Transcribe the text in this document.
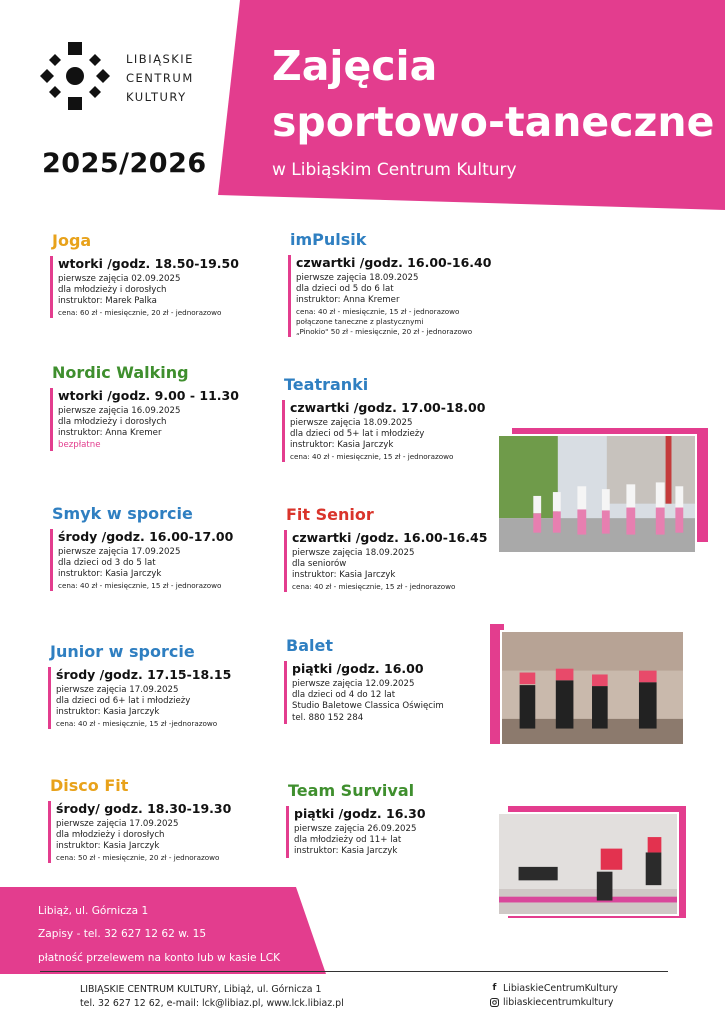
LIBIĄSKIE
CENTRUM
KULTURY
2025/2026
Zajęcia
sportowo-taneczne
w Libiąskim Centrum Kultury
Joga
wtorki /godz. 18.50-19.50
pierwsze zajęcia 02.09.2025
dla młodzieży i dorosłych
instruktor: Marek Palka
cena: 60 zł - miesięcznie, 20 zł - jednorazowo
Nordic Walking
wtorki /godz. 9.00 - 11.30
pierwsze zajęcia 16.09.2025
dla młodzieży i dorosłych
instruktor: Anna Kremer
bezpłatne
Smyk w sporcie
środy /godz. 16.00-17.00
pierwsze zajęcia 17.09.2025
dla dzieci od 3 do 5 lat
instruktor: Kasia Jarczyk
cena: 40 zł - miesięcznie, 15 zł - jednorazowo
Junior w sporcie
środy /godz. 17.15-18.15
pierwsze zajęcia 17.09.2025
dla dzieci od 6+ lat i młodzieży
instruktor: Kasia Jarczyk
cena: 40 zł - miesięcznie, 15 zł -jednorazowo
Disco Fit
środy/ godz. 18.30-19.30
pierwsze zajęcia 17.09.2025
dla młodzieży i dorosłych
instruktor: Kasia Jarczyk
cena: 50 zł - miesięcznie, 20 zł - jednorazowo
imPulsik
czwartki /godz. 16.00-16.40
pierwsze zajęcia 18.09.2025
dla dzieci od 5 do 6 lat
instruktor: Anna Kremer
cena: 40 zł - miesięcznie, 15 zł - jednorazowo
połączone taneczne z plastycznymi
„Pinokio" 50 zł - miesięcznie, 20 zł - jednorazowo
Teatranki
czwartki /godz. 17.00-18.00
pierwsze zajęcia 18.09.2025
dla dzieci od 5+ lat i młodzieży
instruktor: Kasia Jarczyk
cena: 40 zł - miesięcznie, 15 zł - jednorazowo
Fit Senior
czwartki /godz. 16.00-16.45
pierwsze zajęcia 18.09.2025
dla seniorów
instruktor: Kasia Jarczyk
cena: 40 zł - miesięcznie, 15 zł - jednorazowo
Balet
piątki /godz. 16.00
pierwsze zajęcia 12.09.2025
dla dzieci od 4 do 12 lat
Studio Baletowe Classica Oświęcim
tel. 880 152 284
Team Survival
piątki /godz. 16.30
pierwsze zajęcia 26.09.2025
dla młodzieży od 11+ lat
instruktor: Kasia Jarczyk
Libiąż, ul. Górnicza 1
Zapisy - tel. 32 627 12 62 w. 15
płatność przelewem na konto lub w kasie LCK
LIBIĄSKIE CENTRUM KULTURY, Libiąż, ul. Górnicza 1
tel. 32 627 12 62, e-mail: lck@libiaz.pl, www.lck.libiaz.pl
f LibiaskieCentrumKultury
libiaskiecentrumkultury
